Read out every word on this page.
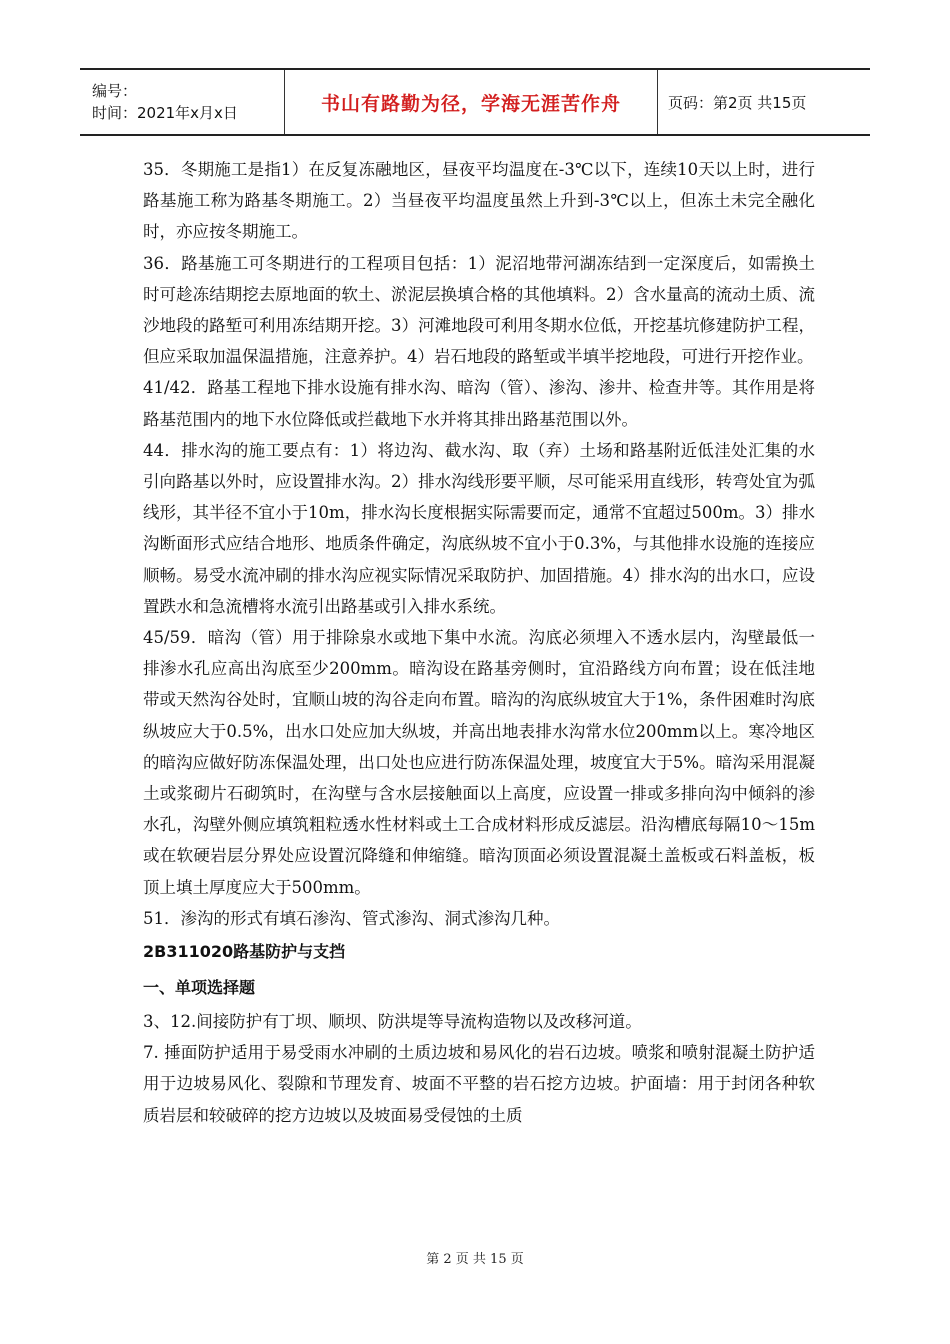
编号：
时间：2021年x月x日	书山有路勤为径，学海无涯苦作舟	页码：第2页 共15页

35．冬期施工是指1）在反复冻融地区，昼夜平均温度在-3℃以下，连续10天以上时，进行路基施工称为路基冬期施工。2）当昼夜平均温度虽然上升到-3℃以上，但冻土未完全融化时，亦应按冬期施工。

36．路基施工可冬期进行的工程项目包括：1）泥沼地带河湖冻结到一定深度后，如需换土时可趁冻结期挖去原地面的软土、淤泥层换填合格的其他填料。2）含水量高的流动土质、流沙地段的路堑可利用冻结期开挖。3）河滩地段可利用冬期水位低，开挖基坑修建防护工程，但应采取加温保温措施，注意养护。4）岩石地段的路堑或半填半挖地段，可进行开挖作业。

41/42．路基工程地下排水设施有排水沟、暗沟（管）、渗沟、渗井、检查井等。其作用是将路基范围内的地下水位降低或拦截地下水并将其排出路基范围以外。

44．排水沟的施工要点有：1）将边沟、截水沟、取（弃）土场和路基附近低洼处汇集的水引向路基以外时，应设置排水沟。2）排水沟线形要平顺，尽可能采用直线形，转弯处宜为弧线形，其半径不宜小于10m，排水沟长度根据实际需要而定，通常不宜超过500m。3）排水沟断面形式应结合地形、地质条件确定，沟底纵坡不宜小于0.3%，与其他排水设施的连接应顺畅。易受水流冲刷的排水沟应视实际情况采取防护、加固措施。4）排水沟的出水口，应设置跌水和急流槽将水流引出路基或引入排水系统。

45/59．暗沟（管）用于排除泉水或地下集中水流。沟底必须埋入不透水层内，沟壁最低一排渗水孔应高出沟底至少200mm。暗沟设在路基旁侧时，宜沿路线方向布置；设在低洼地带或天然沟谷处时，宜顺山坡的沟谷走向布置。暗沟的沟底纵坡宜大于1%，条件困难时沟底纵坡应大于0.5%，出水口处应加大纵坡，并高出地表排水沟常水位200mm以上。寒冷地区的暗沟应做好防冻保温处理，出口处也应进行防冻保温处理，坡度宜大于5%。暗沟采用混凝土或浆砌片石砌筑时，在沟壁与含水层接触面以上高度，应设置一排或多排向沟中倾斜的渗水孔，沟壁外侧应填筑粗粒透水性材料或土工合成材料形成反滤层。沿沟槽底每隔10～15m或在软硬岩层分界处应设置沉降缝和伸缩缝。暗沟顶面必须设置混凝土盖板或石料盖板，板顶上填土厚度应大于500mm。

51．渗沟的形式有填石渗沟、管式渗沟、洞式渗沟几种。

2B311020路基防护与支挡

一、单项选择题

3、12.间接防护有丁坝、顺坝、防洪堤等导流构造物以及改移河道。

7. 捶面防护适用于易受雨水冲刷的土质边坡和易风化的岩石边坡。喷浆和喷射混凝土防护适用于边坡易风化、裂隙和节理发育、坡面不平整的岩石挖方边坡。护面墙：用于封闭各种软质岩层和较破碎的挖方边坡以及坡面易受侵蚀的土质

第 2 页 共 15 页
